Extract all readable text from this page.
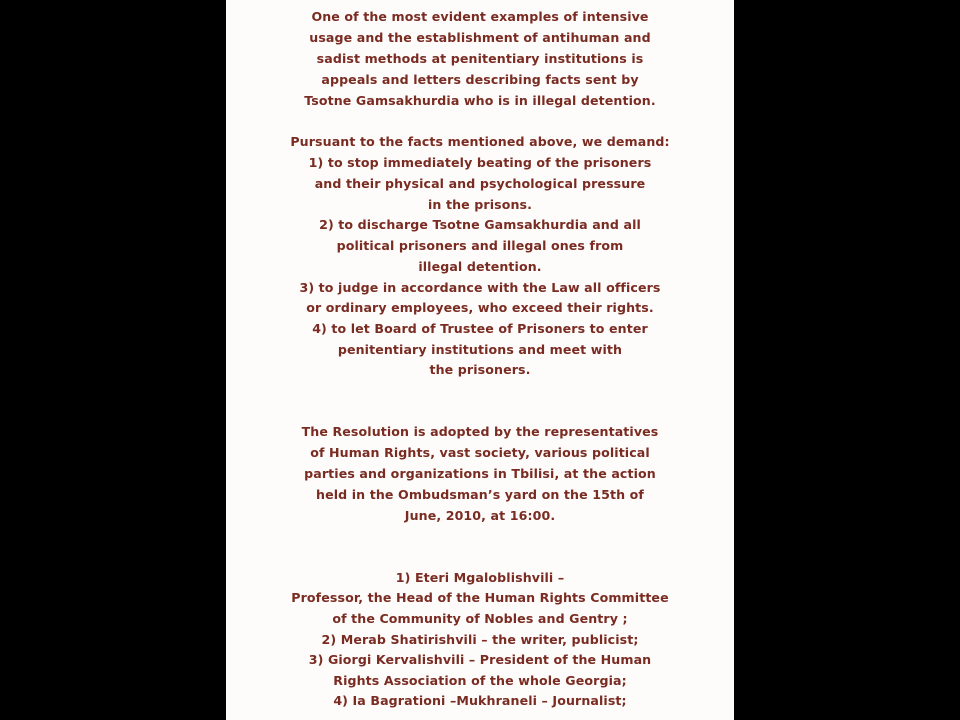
One of the most evident examples of intensive
usage and the establishment of antihuman and
sadist methods at penitentiary institutions is
appeals and letters describing facts sent by
Tsotne Gamsakhurdia who is in illegal detention.
Pursuant to the facts mentioned above, we demand:
1) to stop immediately beating of the prisoners
and their physical and psychological pressure
in the prisons.
2) to discharge Tsotne Gamsakhurdia and all
political prisoners and illegal ones from
illegal detention.
3) to judge in accordance with the Law all officers
or ordinary employees, who exceed their rights.
4) to let Board of Trustee of Prisoners to enter
penitentiary institutions and meet with
the prisoners.
The Resolution is adopted by the representatives
of Human Rights, vast society, various political
parties and organizations in Tbilisi, at the action
held in the Ombudsman’s yard on the 15th of
June, 2010, at 16:00.
1) Eteri Mgaloblishvili –
Professor, the Head of the Human Rights Committee
of the Community of Nobles and Gentry ;
2) Merab Shatirishvili – the writer, publicist;
3) Giorgi Kervalishvili – President of the Human
Rights Association of the whole Georgia;
4) Ia Bagrationi –Mukhraneli – Journalist;
